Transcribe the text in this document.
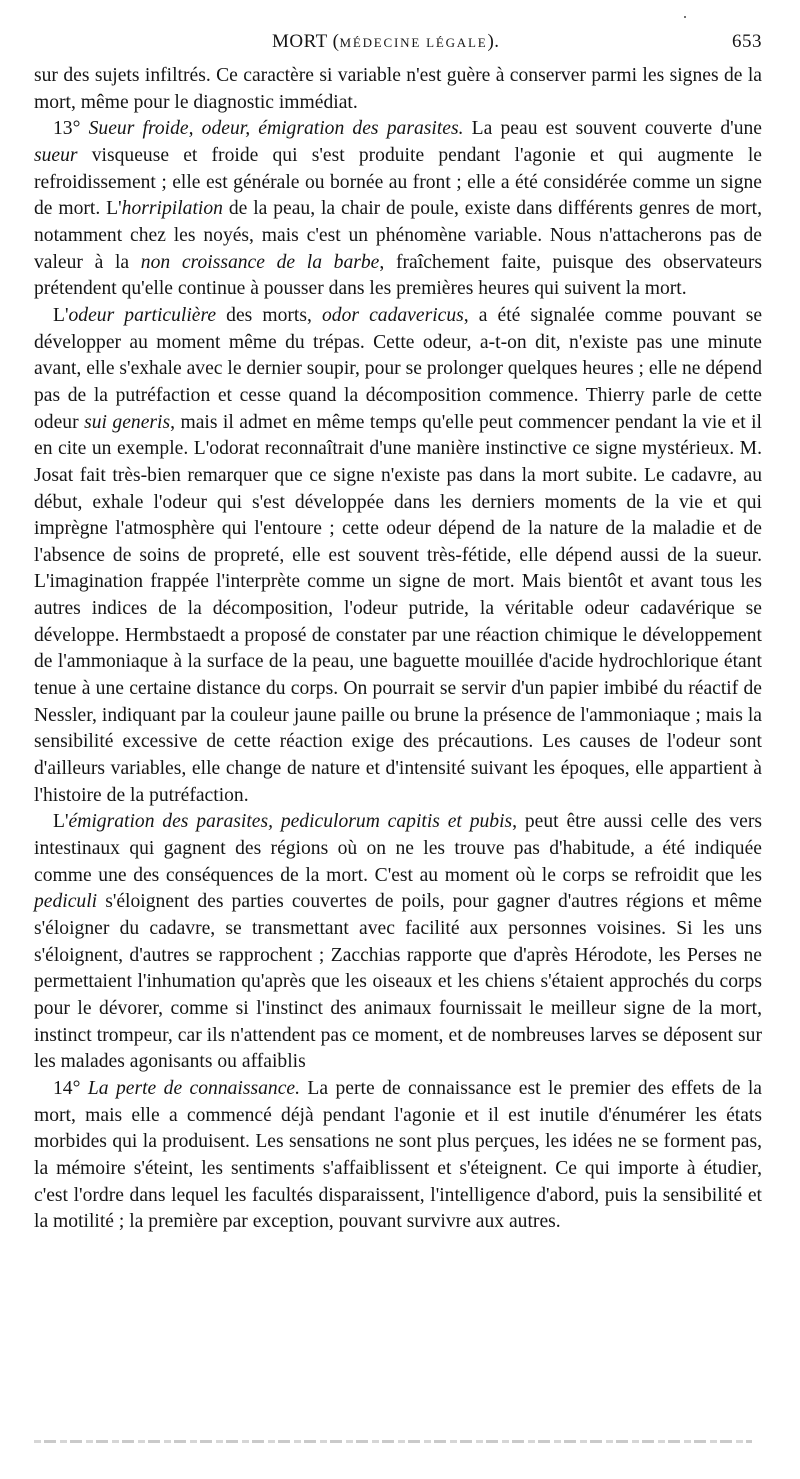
MORT (MÉDECINE LÉGALE).	653

sur des sujets infiltrés. Ce caractère si variable n'est guère à conserver parmi les signes de la mort, même pour le diagnostic immédiat.

13° Sueur froide, odeur, émigration des parasites. La peau est souvent couverte d'une sueur visqueuse et froide qui s'est produite pendant l'agonie et qui augmente le refroidissement ; elle est générale ou bornée au front ; elle a été considérée comme un signe de mort. L'horripilation de la peau, la chair de poule, existe dans différents genres de mort, notamment chez les noyés, mais c'est un phénomène variable. Nous n'attacherons pas de valeur à la non croissance de la barbe, fraîchement faite, puisque des observateurs prétendent qu'elle continue à pousser dans les premières heures qui suivent la mort.

L'odeur particulière des morts, odor cadavericus, a été signalée comme pouvant se développer au moment même du trépas. Cette odeur, a-t-on dit, n'existe pas une minute avant, elle s'exhale avec le dernier soupir, pour se prolonger quelques heures ; elle ne dépend pas de la putréfaction et cesse quand la décomposition commence. Thierry parle de cette odeur sui generis, mais il admet en même temps qu'elle peut commencer pendant la vie et il en cite un exemple. L'odorat reconnaîtrait d'une manière instinctive ce signe mystérieux. M. Josat fait très-bien remarquer que ce signe n'existe pas dans la mort subite. Le cadavre, au début, exhale l'odeur qui s'est développée dans les derniers moments de la vie et qui imprègne l'atmosphère qui l'entoure ; cette odeur dépend de la nature de la maladie et de l'absence de soins de propreté, elle est souvent très-fétide, elle dépend aussi de la sueur. L'imagination frappée l'interprète comme un signe de mort. Mais bientôt et avant tous les autres indices de la décomposition, l'odeur putride, la véritable odeur cadavérique se développe. Hermbstaedt a proposé de constater par une réaction chimique le développement de l'ammoniaque à la surface de la peau, une baguette mouillée d'acide hydrochlorique étant tenue à une certaine distance du corps. On pourrait se servir d'un papier imbibé du réactif de Nessler, indiquant par la couleur jaune paille ou brune la présence de l'ammoniaque ; mais la sensibilité excessive de cette réaction exige des précautions. Les causes de l'odeur sont d'ailleurs variables, elle change de nature et d'intensité suivant les époques, elle appartient à l'histoire de la putréfaction.

L'émigration des parasites, pediculorum capitis et pubis, peut être aussi celle des vers intestinaux qui gagnent des régions où on ne les trouve pas d'habitude, a été indiquée comme une des conséquences de la mort. C'est au moment où le corps se refroidit que les pediculi s'éloignent des parties couvertes de poils, pour gagner d'autres régions et même s'éloigner du cadavre, se transmettant avec facilité aux personnes voisines. Si les uns s'éloignent, d'autres se rapprochent ; Zacchias rapporte que d'après Hérodote, les Perses ne permettaient l'inhumation qu'après que les oiseaux et les chiens s'étaient approchés du corps pour le dévorer, comme si l'instinct des animaux fournissait le meilleur signe de la mort, instinct trompeur, car ils n'attendent pas ce moment, et de nombreuses larves se déposent sur les malades agonisants ou affaiblis

14° La perte de connaissance. La perte de connaissance est le premier des effets de la mort, mais elle a commencé déjà pendant l'agonie et il est inutile d'énumérer les états morbides qui la produisent. Les sensations ne sont plus perçues, les idées ne se forment pas, la mémoire s'éteint, les sentiments s'affaiblissent et s'éteignent. Ce qui importe à étudier, c'est l'ordre dans lequel les facultés disparaissent, l'intelligence d'abord, puis la sensibilité et la motilité ; la première par exception, pouvant survivre aux autres.
